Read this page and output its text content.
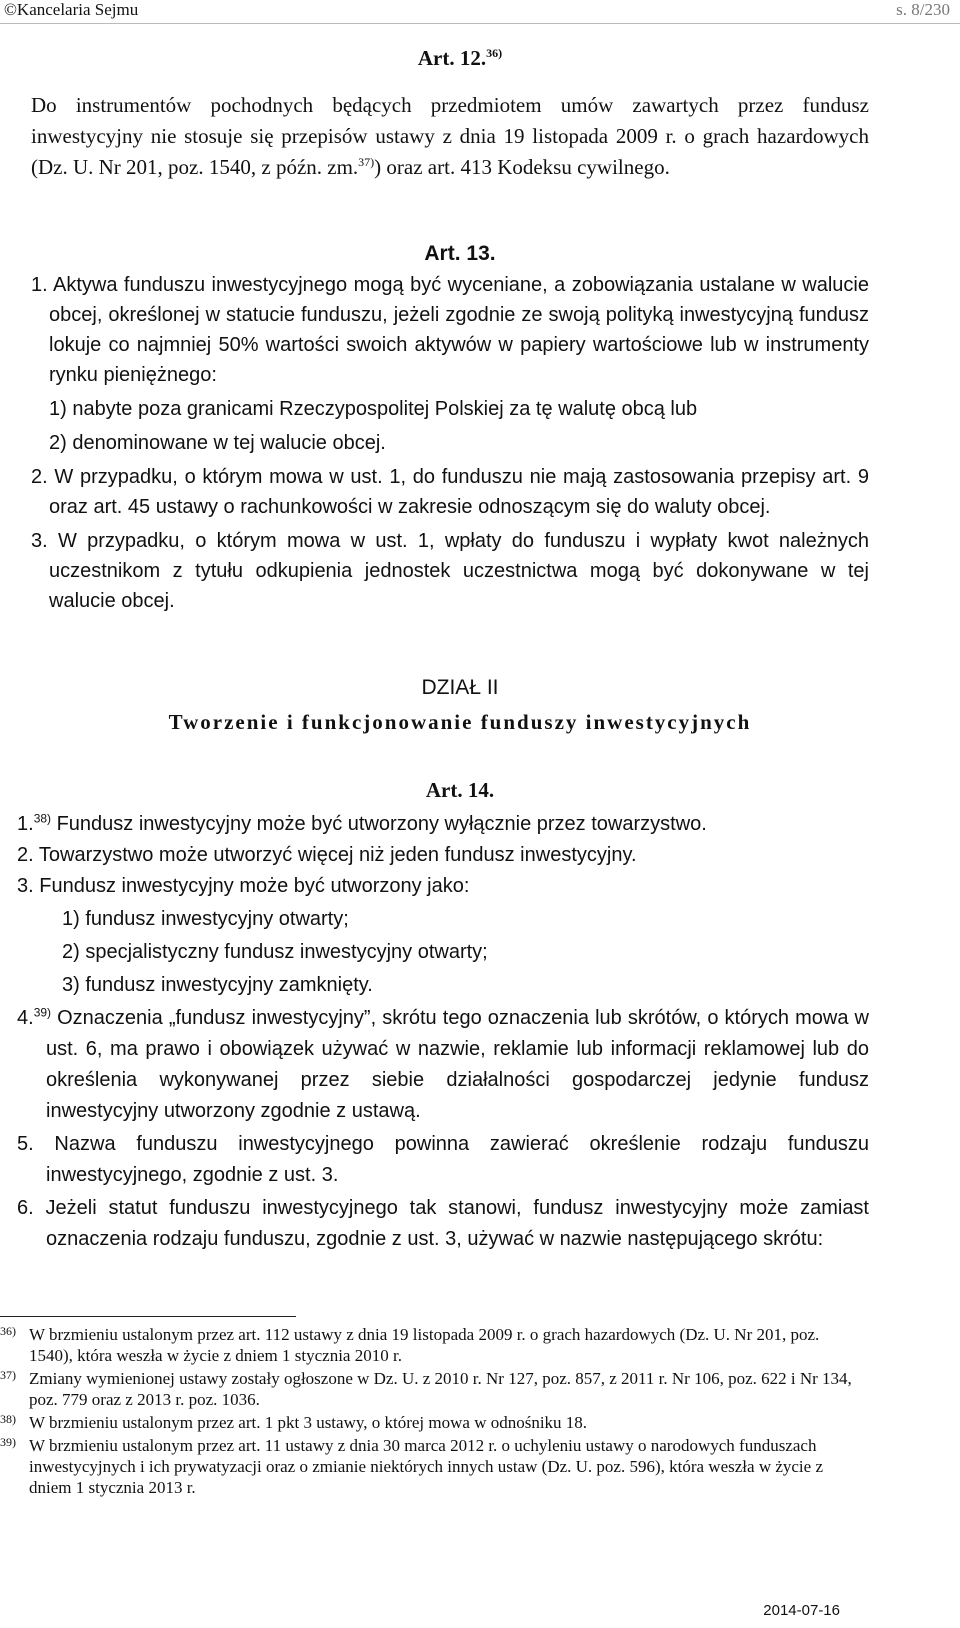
©Kancelaria Sejmu	s. 8/230
Art. 12.$^{36)}$
Do instrumentów pochodnych będących przedmiotem umów zawartych przez fundusz inwestycyjny nie stosuje się przepisów ustawy z dnia 19 listopada 2009 r. o grach hazardowych (Dz. U. Nr 201, poz. 1540, z późn. zm.$^{37)}$) oraz art. 413 Kodeksu cywilnego.
Art. 13.

1. Aktywa funduszu inwestycyjnego mogą być wyceniane, a zobowiązania ustalane w walucie obcej, określonej w statucie funduszu, jeżeli zgodnie ze swoją polityką inwestycyjną fundusz lokuje co najmniej 50% wartości swoich aktywów w papiery wartościowe lub w instrumenty rynku pieniężnego:

1) nabyte poza granicami Rzeczypospolitej Polskiej za tę walutę obcą lub

2) denominowane w tej walucie obcej.

2. W przypadku, o którym mowa w ust. 1, do funduszu nie mają zastosowania przepisy art. 9 oraz art. 45 ustawy o rachunkowości w zakresie odnoszącym się do waluty obcej.

3. W przypadku, o którym mowa w ust. 1, wpłaty do funduszu i wypłaty kwot należnych uczestnikom z tytułu odkupienia jednostek uczestnictwa mogą być dokonywane w tej walucie obcej.

DZIAŁ II
Tworzenie i funkcjonowanie funduszy inwestycyjnych
Art. 14.

1.$^{38)}$ Fundusz inwestycyjny może być utworzony wyłącznie przez towarzystwo.

2. Towarzystwo może utworzyć więcej niż jeden fundusz inwestycyjny.

3. Fundusz inwestycyjny może być utworzony jako:

1) fundusz inwestycyjny otwarty;

2) specjalistyczny fundusz inwestycyjny otwarty;

3) fundusz inwestycyjny zamknięty.

4.$^{39)}$ Oznaczenia „fundusz inwestycyjny”, skrótu tego oznaczenia lub skrótów, o których mowa w ust. 6, ma prawo i obowiązek używać w nazwie, reklamie lub informacji reklamowej lub do określenia wykonywanej przez siebie działalności gospodarczej jedynie fundusz inwestycyjny utworzony zgodnie z ustawą.

5. Nazwa funduszu inwestycyjnego powinna zawierać określenie rodzaju funduszu inwestycyjnego, zgodnie z ust. 3.

6. Jeżeli statut funduszu inwestycyjnego tak stanowi, fundusz inwestycyjny może zamiast oznaczenia rodzaju funduszu, zgodnie z ust. 3, używać w nazwie następującego skrótu:

36) W brzmieniu ustalonym przez art. 112 ustawy z dnia 19 listopada 2009 r. o grach hazardowych (Dz. U. Nr 201, poz. 1540), która weszła w życie z dniem 1 stycznia 2010 r.
37) Zmiany wymienionej ustawy zostały ogłoszone w Dz. U. z 2010 r. Nr 127, poz. 857, z 2011 r. Nr 106, poz. 622 i Nr 134, poz. 779 oraz z 2013 r. poz. 1036.
38) W brzmieniu ustalonym przez art. 1 pkt 3 ustawy, o której mowa w odnośniku 18.
39) W brzmieniu ustalonym przez art. 11 ustawy z dnia 30 marca 2012 r. o uchyleniu ustawy o narodowych funduszach inwestycyjnych i ich prywatyzacji oraz o zmianie niektórych innych ustaw (Dz. U. poz. 596), która weszła w życie z dniem 1 stycznia 2013 r.
2014-07-16
